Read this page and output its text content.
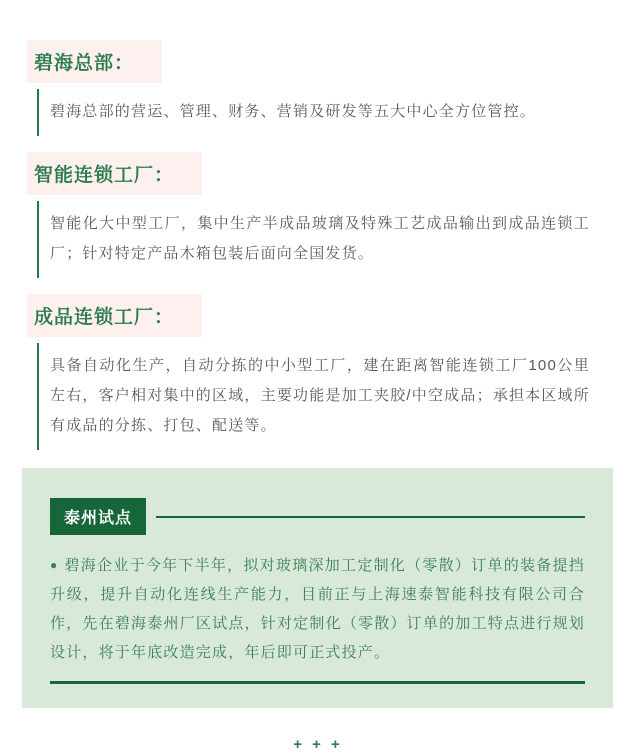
碧海总部：
碧海总部的营运、管理、财务、营销及研发等五大中心全方位管控。
智能连锁工厂：
智能化大中型工厂，集中生产半成品玻璃及特殊工艺成品输出到成品连锁工厂；针对特定产品木箱包装后面向全国发货。
成品连锁工厂：
具备自动化生产，自动分拣的中小型工厂，建在距离智能连锁工厂100公里左右，客户相对集中的区域，主要功能是加工夹胶/中空成品；承担本区域所有成品的分拣、打包、配送等。
泰州试点
● 碧海企业于今年下半年，拟对玻璃深加工定制化（零散）订单的装备提挡升级，提升自动化连线生产能力，目前正与上海速泰智能科技有限公司合作，先在碧海泰州厂区试点，针对定制化（零散）订单的加工特点进行规划设计，将于年底改造完成，年后即可正式投产。
+ + +
